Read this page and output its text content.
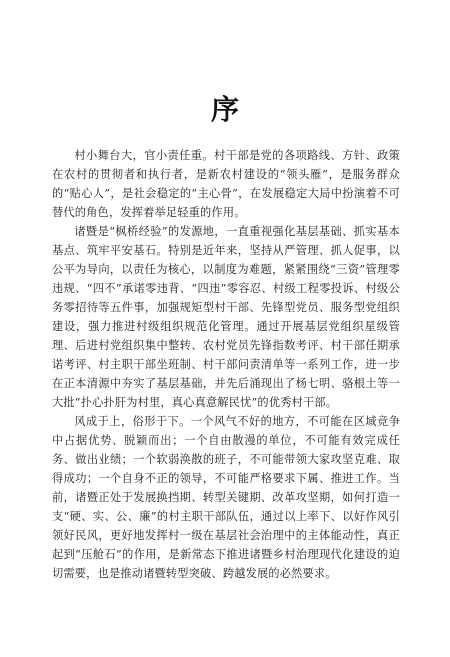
序

村小舞台大，官小责任重。村干部是党的各项路线、方针、政策在农村的贯彻者和执行者，是新农村建设的“领头雁”，是服务群众的“贴心人”，是社会稳定的“主心骨”，在发展稳定大局中扮演着不可替代的角色，发挥着举足轻重的作用。

诸暨是“枫桥经验”的发源地，一直重视强化基层基础、抓实基本基点、筑牢平安基石。特别是近年来，坚持从严管理、抓人促事，以公平为导向，以责任为核心，以制度为难题，紧紧围绕“三资”管理零违规、“四不”承诺零违背、“四违”零容忍、村级工程零投诉、村级公务零招待等五件事，加强规矩型村干部、先锋型党员、服务型党组织建设，强力推进村级组织规范化管理。通过开展基层党组织星级管理、后进村党组织集中整转、农村党员先锋指数考评、村干部任期承诺考评、村主职干部坐班制、村干部问责清单等一系列工作，进一步在正本清源中夯实了基层基础，并先后涌现出了杨七明、骆根土等一大批“扑心扑肝为村里，真心真意解民忧”的优秀村干部。

风成于上，俗形于下。一个风气不好的地方，不可能在区域竞争中占据优势、脱颖而出；一个自由散漫的单位，不可能有效完成任务、做出业绩；一个软弱涣散的班子，不可能带领大家攻坚克难、取得成功；一个自身不正的领导，不可能严格要求下属、推进工作。当前，诸暨正处于发展换挡期、转型关键期、改革攻坚期，如何打造一支“硬、实、公、廉”的村主职干部队伍，通过以上率下、以好作风引领好民风，更好地发挥村一级在基层社会治理中的主体能动性，真正起到“压舱石”的作用，是新常态下推进诸暨乡村治理现代化建设的迫切需要，也是推动诸暨转型突破、跨越发展的必然要求。
